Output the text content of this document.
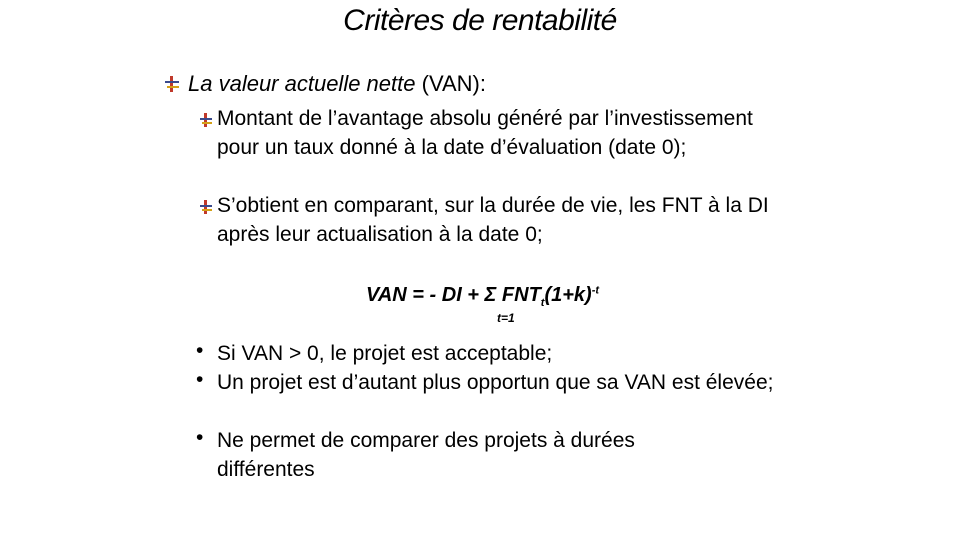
Critères de rentabilité
La valeur actuelle nette (VAN):
Montant de l’avantage absolu généré par l’investissement pour un taux donné à la date d’évaluation (date 0);
S’obtient en comparant, sur la durée de vie, les FNT à la DI après leur actualisation à la date 0;
VAN = - DI + Σ $FNT_t(1+k)^{-t}$
t=1
• Si VAN > 0, le projet est acceptable;
• Un projet est d’autant plus opportun que sa VAN est élevée;
• Ne permet de comparer des projets à durées différentes
